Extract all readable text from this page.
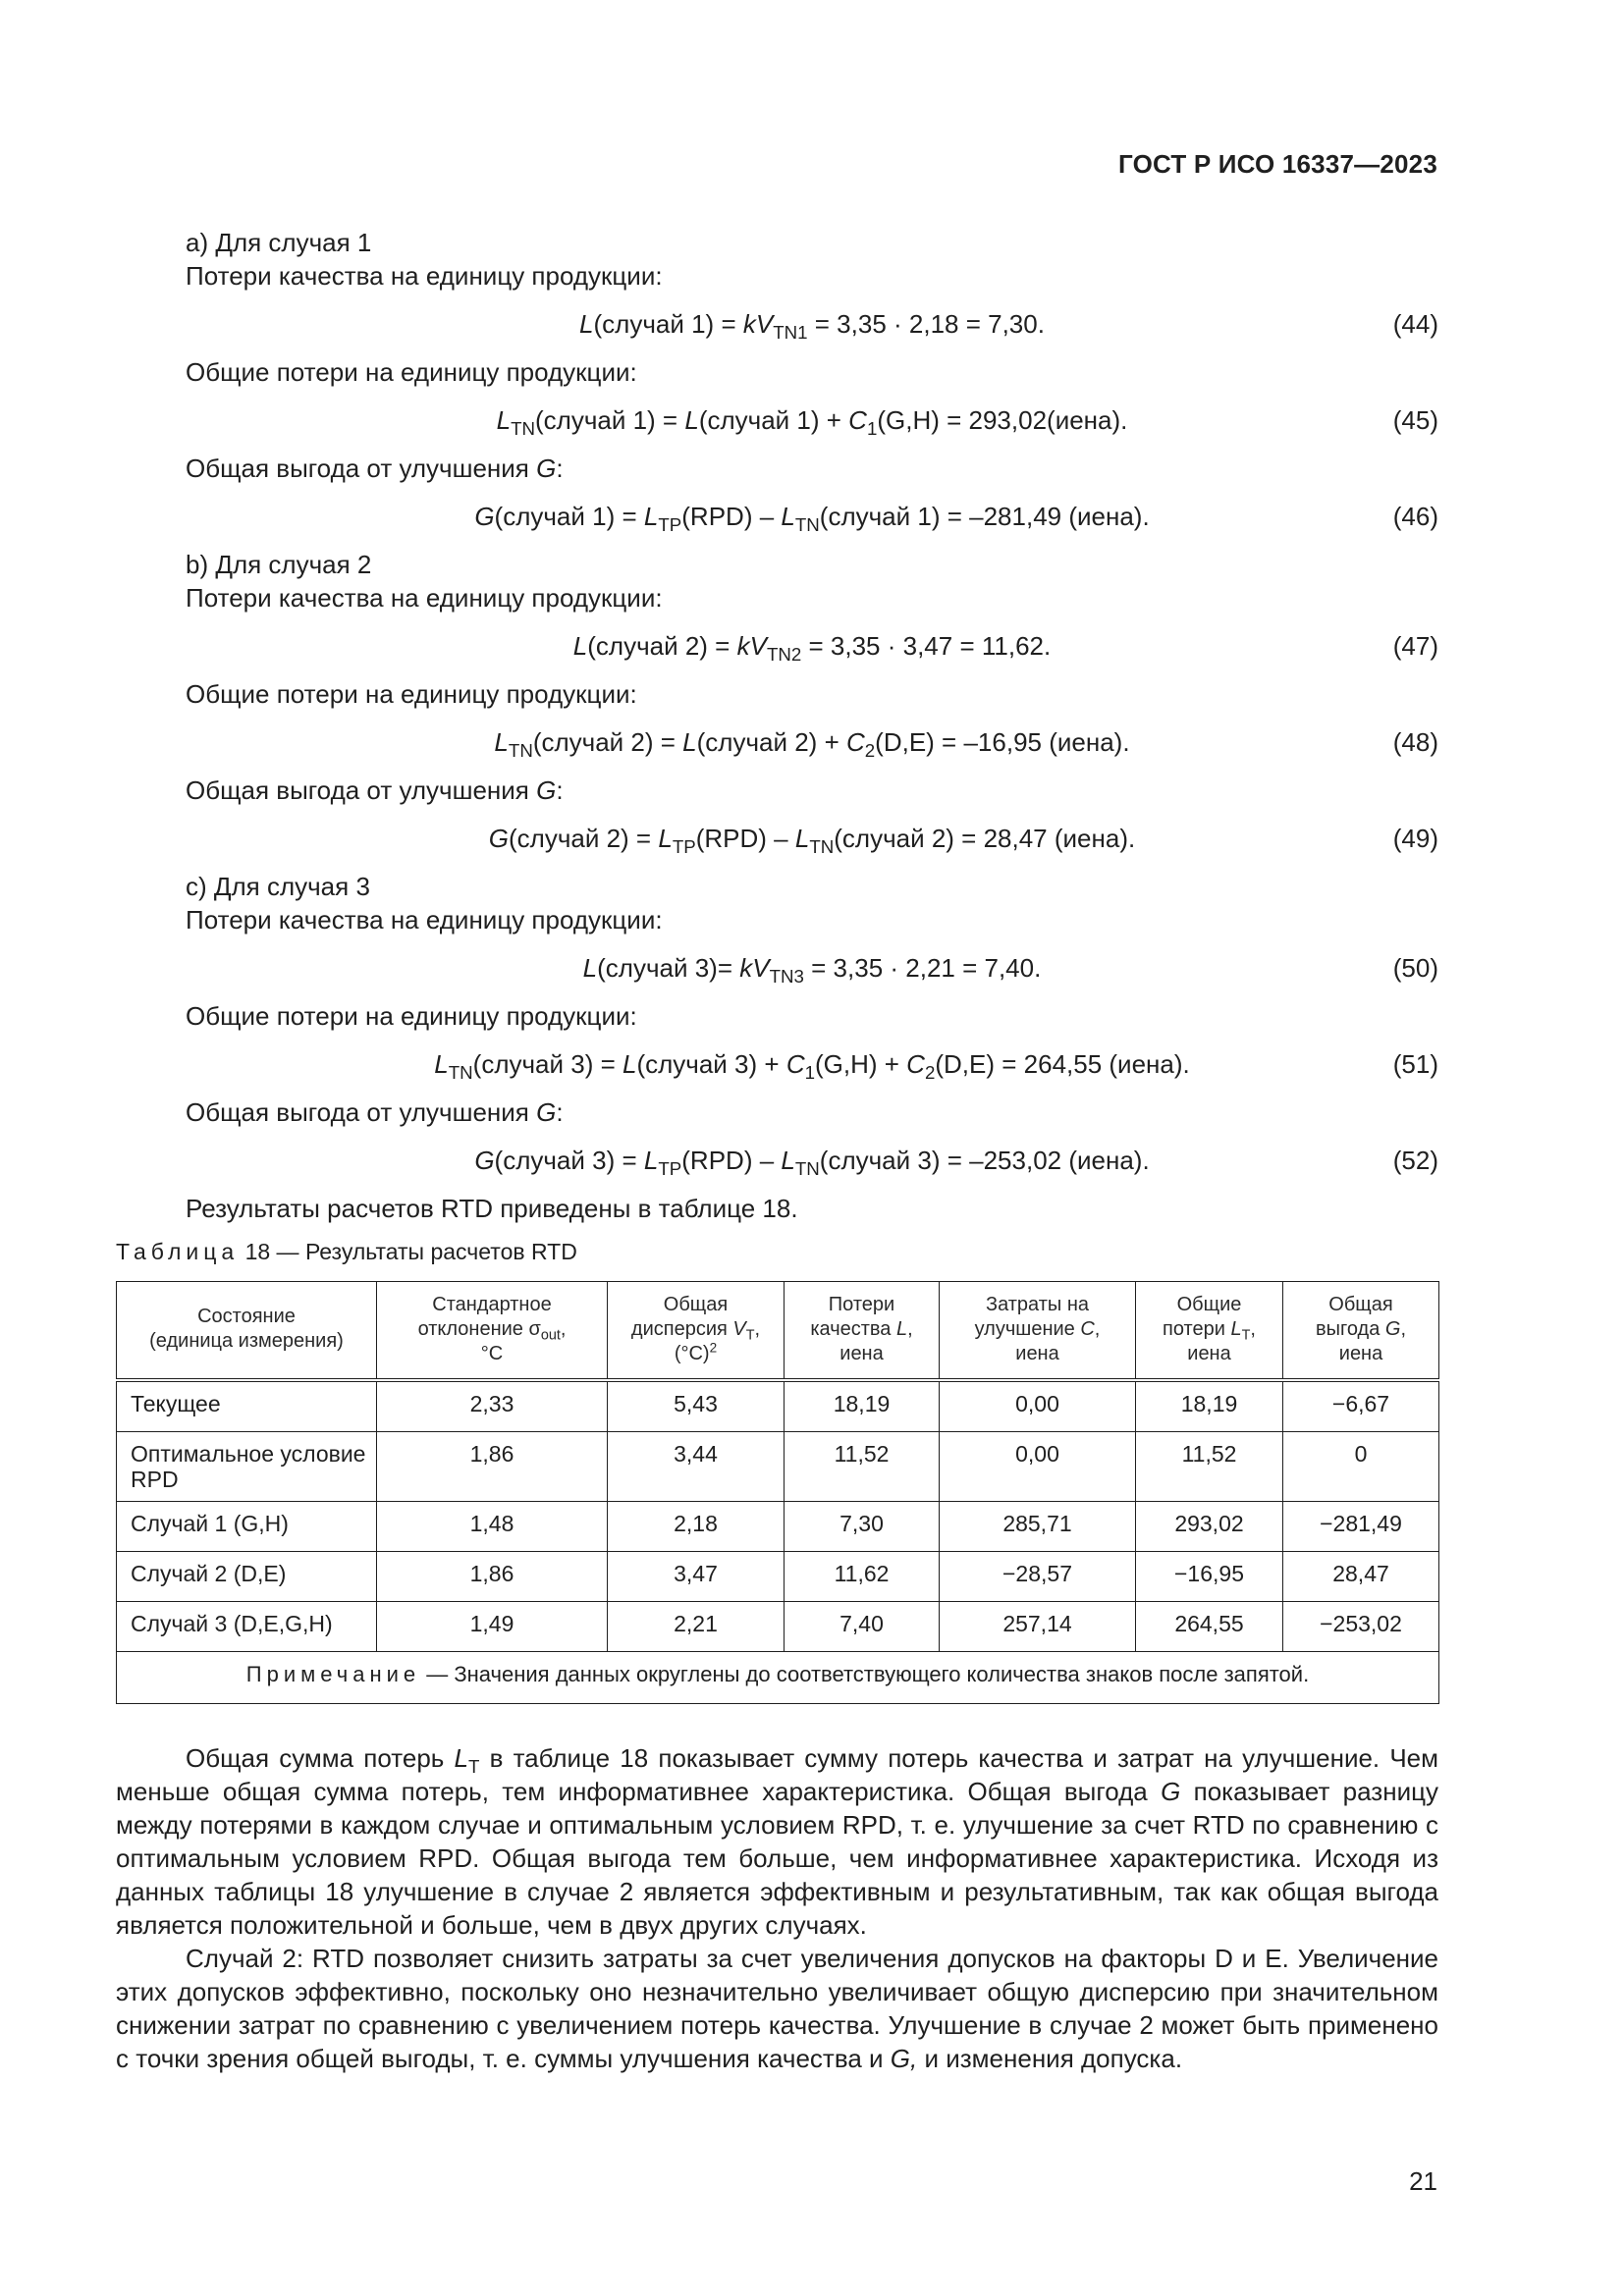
ГОСТ Р ИСО 16337—2023
а) Для случая 1
Потери качества на единицу продукции:
L(случай $1) = kV_{TN1} = 3,35 \cdot 2,18 = 7,30$.	(44)
Общие потери на единицу продукции:
$L_{TN}(случай$ 1) = L(случай $1) + C_1(G,H)$ = 293,02(иена).	(45)
Общая выгода от улучшения G:
G(случай $1) = L_{TP}(RPD)$ – $L_{TN}(случай$ 1) = –281,49 (иена).	(46)
b) Для случая 2
Потери качества на единицу продукции:
L(случай $2) = kV_{TN2} = 3,35 \cdot 3,47 = 11,62$.	(47)
Общие потери на единицу продукции:
$L_{TN}(случай$ 2) = L(случай $2) + C_2(D,E) = -16,95$ (иена).	(48)
Общая выгода от улучшения G:
G(случай $2) = L_{TP}(RPD)$ – $L_{TN}(случай$ 2) = 28,47 (иена).	(49)
c) Для случая 3
Потери качества на единицу продукции:
L(случай $3)= kV_{TN3} = 3,35 \cdot 2,21 = 7,40$.	(50)
Общие потери на единицу продукции:
$L_{TN}(случай$ 3) = L(случай $3) + C_1(G,H) + C_2(D,E) = 264,55$ (иена).	(51)
Общая выгода от улучшения G:
G(случай $3) = L_{TP}(RPD)$ – $L_{TN}(случай$ 3) = –253,02 (иена).	(52)
Результаты расчетов RTD приведены в таблице 18.
Таблица 18 — Результаты расчетов RTD
Состояние
(единица измерения)	Стандартное
отклонение $\sigma_{out}$,
°C	Общая
дисперсия $V_T$,
$(^\circ C)^2$	Потери
качества L,
иена	Затраты на
улучшение C,
иена	Общие
потери $L_T$,
иена	Общая
выгода G,
иена
Текущее	2,33	5,43	18,19	0,00	18,19	−6,67
Оптимальное условие RPD	1,86	3,44	11,52	0,00	11,52	0
Случай 1 (G,H)	1,48	2,18	7,30	285,71	293,02	−281,49
Случай 2 (D,E)	1,86	3,47	11,62	−28,57	−16,95	28,47
Случай 3 (D,E,G,H)	1,49	2,21	7,40	257,14	264,55	−253,02
Примечание — Значения данных округлены до соответствующего количества знаков после запятой.						

Общая сумма потерь $L_T$ в таблице 18 показывает сумму потерь качества и затрат на улучшение. Чем меньше общая сумма потерь, тем информативнее характеристика. Общая выгода G показывает разницу между потерями в каждом случае и оптимальным условием RPD, т. е. улучшение за счет RTD по сравнению с оптимальным условием RPD. Общая выгода тем больше, чем информативнее характеристика. Исходя из данных таблицы 18 улучшение в случае 2 является эффективным и результативным, так как общая выгода является положительной и больше, чем в двух других случаях.

Случай 2: RTD позволяет снизить затраты за счет увеличения допусков на факторы D и E. Увеличение этих допусков эффективно, поскольку оно незначительно увеличивает общую дисперсию при значительном снижении затрат по сравнению с увеличением потерь качества. Улучшение в случае 2 может быть применено с точки зрения общей выгоды, т. е. суммы улучшения качества и G, и изменения допуска.

21
